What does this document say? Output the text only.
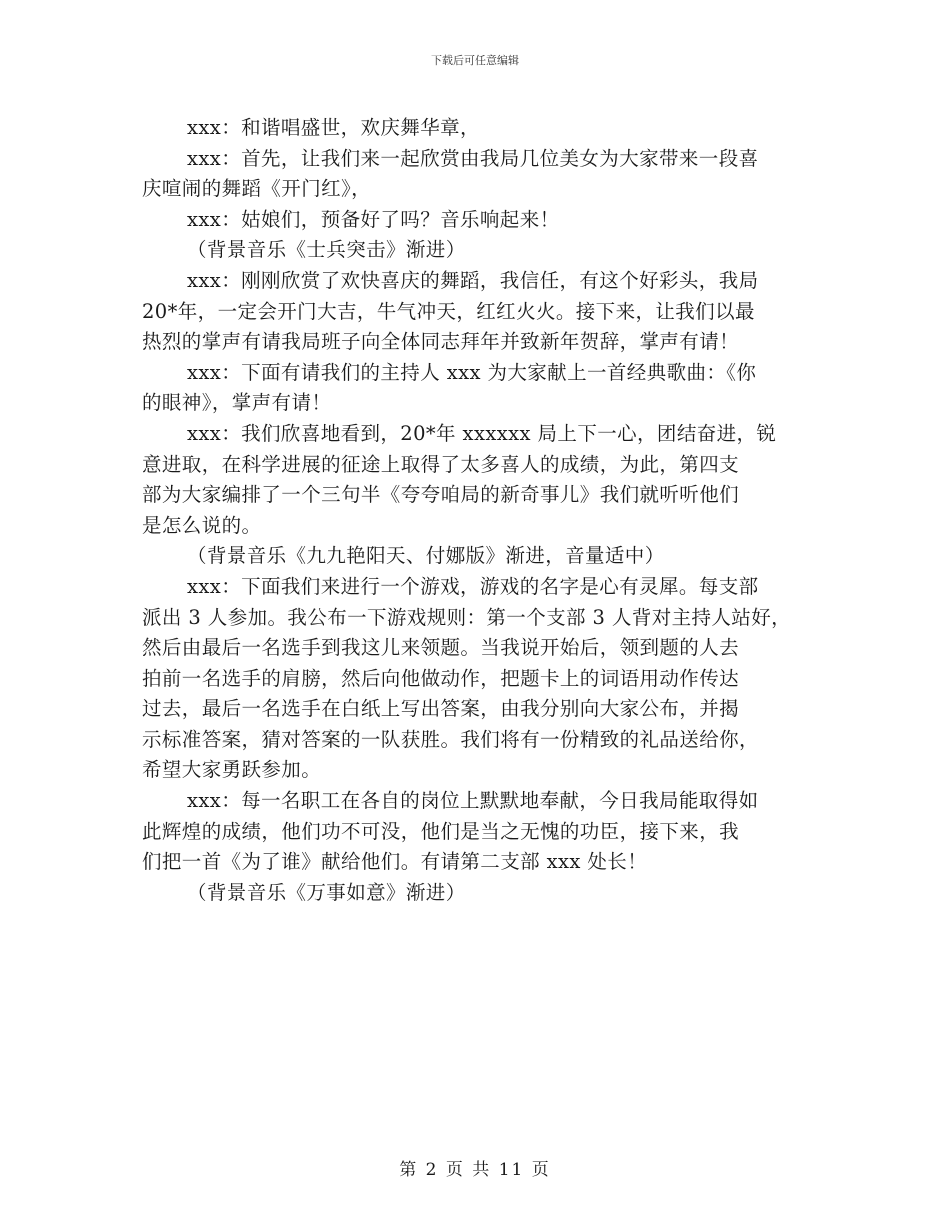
下载后可任意编辑

xxx：和谐唱盛世，欢庆舞华章，
xxx：首先，让我们来一起欣赏由我局几位美女为大家带来一段喜
庆喧闹的舞蹈《开门红》，
xxx：姑娘们，预备好了吗？音乐响起来！
（背景音乐《士兵突击》渐进）
xxx：刚刚欣赏了欢快喜庆的舞蹈，我信任，有这个好彩头，我局
20*年，一定会开门大吉，牛气冲天，红红火火。接下来，让我们以最
热烈的掌声有请我局班子向全体同志拜年并致新年贺辞，掌声有请！
xxx：下面有请我们的主持人 xxx 为大家献上一首经典歌曲：《你
的眼神》，掌声有请！
xxx：我们欣喜地看到，20*年 xxxxxx 局上下一心，团结奋进，锐
意进取，在科学进展的征途上取得了太多喜人的成绩，为此，第四支
部为大家编排了一个三句半《夸夸咱局的新奇事儿》我们就听听他们
是怎么说的。
（背景音乐《九九艳阳天、付娜版》渐进，音量适中）
xxx：下面我们来进行一个游戏，游戏的名字是心有灵犀。每支部
派出 3 人参加。我公布一下游戏规则：第一个支部 3 人背对主持人站好，
然后由最后一名选手到我这儿来领题。当我说开始后，领到题的人去
拍前一名选手的肩膀，然后向他做动作，把题卡上的词语用动作传达
过去，最后一名选手在白纸上写出答案，由我分别向大家公布，并揭
示标准答案，猜对答案的一队获胜。我们将有一份精致的礼品送给你，
希望大家勇跃参加。
xxx：每一名职工在各自的岗位上默默地奉献，今日我局能取得如
此辉煌的成绩，他们功不可没，他们是当之无愧的功臣，接下来，我
们把一首《为了谁》献给他们。有请第二支部 xxx 处长！
（背景音乐《万事如意》渐进）

第 2 页 共 11 页
